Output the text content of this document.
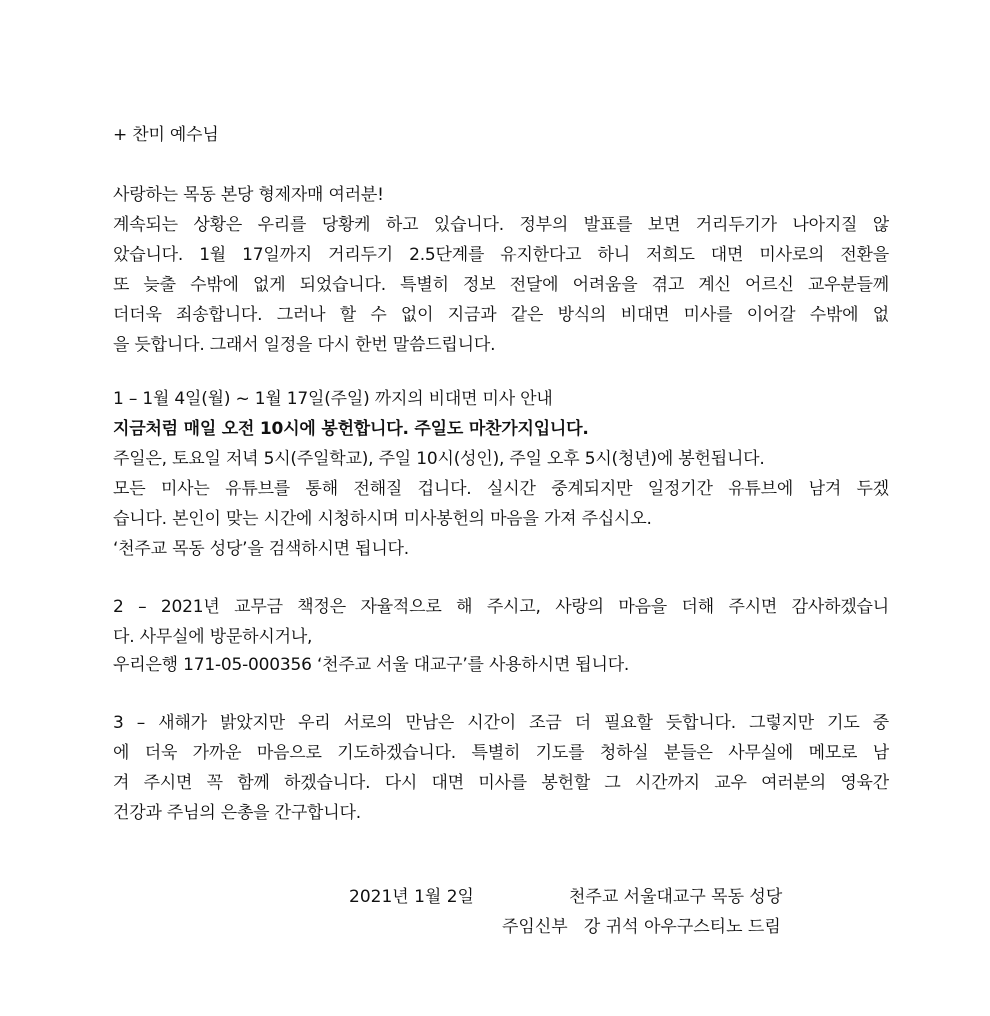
+ 찬미 예수님
사랑하는 목동 본당 형제자매 여러분!
계속되는 상황은 우리를 당황케 하고 있습니다. 정부의 발표를 보면 거리두기가 나아지질 않
았습니다. 1월 17일까지 거리두기 2.5단계를 유지한다고 하니 저희도 대면 미사로의 전환을
또 늦출 수밖에 없게 되었습니다. 특별히 정보 전달에 어려움을 겪고 계신 어르신 교우분들께
더더욱 죄송합니다. 그러나 할 수 없이 지금과 같은 방식의 비대면 미사를 이어갈 수밖에 없
을 듯합니다. 그래서 일정을 다시 한번 말씀드립니다.
1 – 1월 4일(월) ~ 1월 17일(주일) 까지의 비대면 미사 안내
지금처럼 매일 오전 10시에 봉헌합니다. 주일도 마찬가지입니다.
주일은, 토요일 저녁 5시(주일학교), 주일 10시(성인), 주일 오후 5시(청년)에 봉헌됩니다.
모든 미사는 유튜브를 통해 전해질 겁니다. 실시간 중계되지만 일정기간 유튜브에 남겨 두겠
습니다. 본인이 맞는 시간에 시청하시며 미사봉헌의 마음을 가져 주십시오.
‘천주교 목동 성당’을 검색하시면 됩니다.
2 – 2021년 교무금 책정은 자율적으로 해 주시고, 사랑의 마음을 더해 주시면 감사하겠습니
다. 사무실에 방문하시거나,
우리은행 171-05-000356 ‘천주교 서울 대교구’를 사용하시면 됩니다.
3 – 새해가 밝았지만 우리 서로의 만남은 시간이 조금 더 필요할 듯합니다. 그렇지만 기도 중
에 더욱 가까운 마음으로 기도하겠습니다. 특별히 기도를 청하실 분들은 사무실에 메모로 남
겨 주시면 꼭 함께 하겠습니다. 다시 대면 미사를 봉헌할 그 시간까지 교우 여러분의 영육간
건강과 주님의 은총을 간구합니다.
2021년 1월 2일	천주교 서울대교구 목동 성당
주임신부   강 귀석 아우구스티노 드림
